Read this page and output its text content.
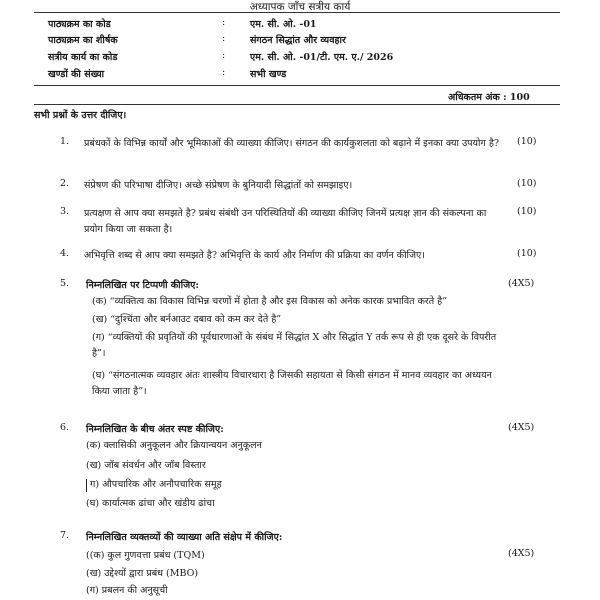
अध्यापक जाँच सत्रीय कार्य
पाठ्यक्रम का कोड	:	एम. सी. ओ. -01
पाठ्यक्रम का शीर्षक	:	संगठन सिद्धांत और व्यवहार
सत्रीय कार्य का कोड	:	एम. सी. ओ. -01/टी. एम. ए./ 2026
खण्डों की संख्या	:	सभी खण्ड
अधिकतम अंक : 100
सभी प्रश्नों के उत्तर दीजिए।
1. प्रबंधकों के विभिन्न कार्यों और भूमिकाओं की व्याख्या कीजिए। संगठन की कार्यकुशलता को बढ़ाने में इनका क्या उपयोग है?	(10)
2. संप्रेषण की परिभाषा दीजिए। अच्छे संप्रेषण के बुनियादी सिद्धांतों को समझाइए।	(10)
3. प्रत्यक्षण से आप क्या समझते है? प्रबंध संबंधी उन परिस्थितियों की व्याख्या कीजिए जिनमें प्रत्यक्ष ज्ञान की संकल्पना का प्रयोग किया जा सकता है।
(10)
4. अभिवृत्ति शब्द से आप क्या समझते है? अभिवृत्ति के कार्य और निर्माण की प्रक्रिया का वर्णन कीजिए।	(10)
5. निम्नलिखित पर टिप्पणी कीजिए:	(4X5)
(क) “व्यक्तित्व का विकास विभिन्न चरणों में होता है और इस विकास को अनेक कारक प्रभावित करते है”
(ख) “दुश्चिंता और बर्नआउट दबाव को कम कर देते है”
(ग) “व्यक्तियों की प्रवृतियों की पूर्वधारणाओं के संबंध में सिद्धांत X और सिद्धांत Y तर्क रूप से ही एक दूसरे के विपरीत है”।
(घ) “संगठनात्मक व्यवहार अंतः शास्त्रीय विचारधारा है जिसकी सहायता से किसी संगठन में मानव व्यवहार का अध्ययन किया जाता है”।
6. निम्नलिखित के बीच अंतर स्पष्ट कीजिए:	(4X5)
(क) क्लासिकी अनुकूलन और क्रियान्वयन अनुकूलन
(ख) जॉब संवर्धन और जॉब विस्तार
ग) औपचारिक और अनौपचारिक समूह
(घ) कार्यात्मक ढांचा और खंडीय ढांचा
7. निम्नलिखित व्यक्तव्यों की व्याख्या अति संक्षेप में कीजिए:
((क) कुल गुणवत्ता प्रबंध (TQM)	(4X5)
(ख) उद्देश्यों द्वारा प्रबंध (MBO)
(ग) प्रबलन की अनुसूची
